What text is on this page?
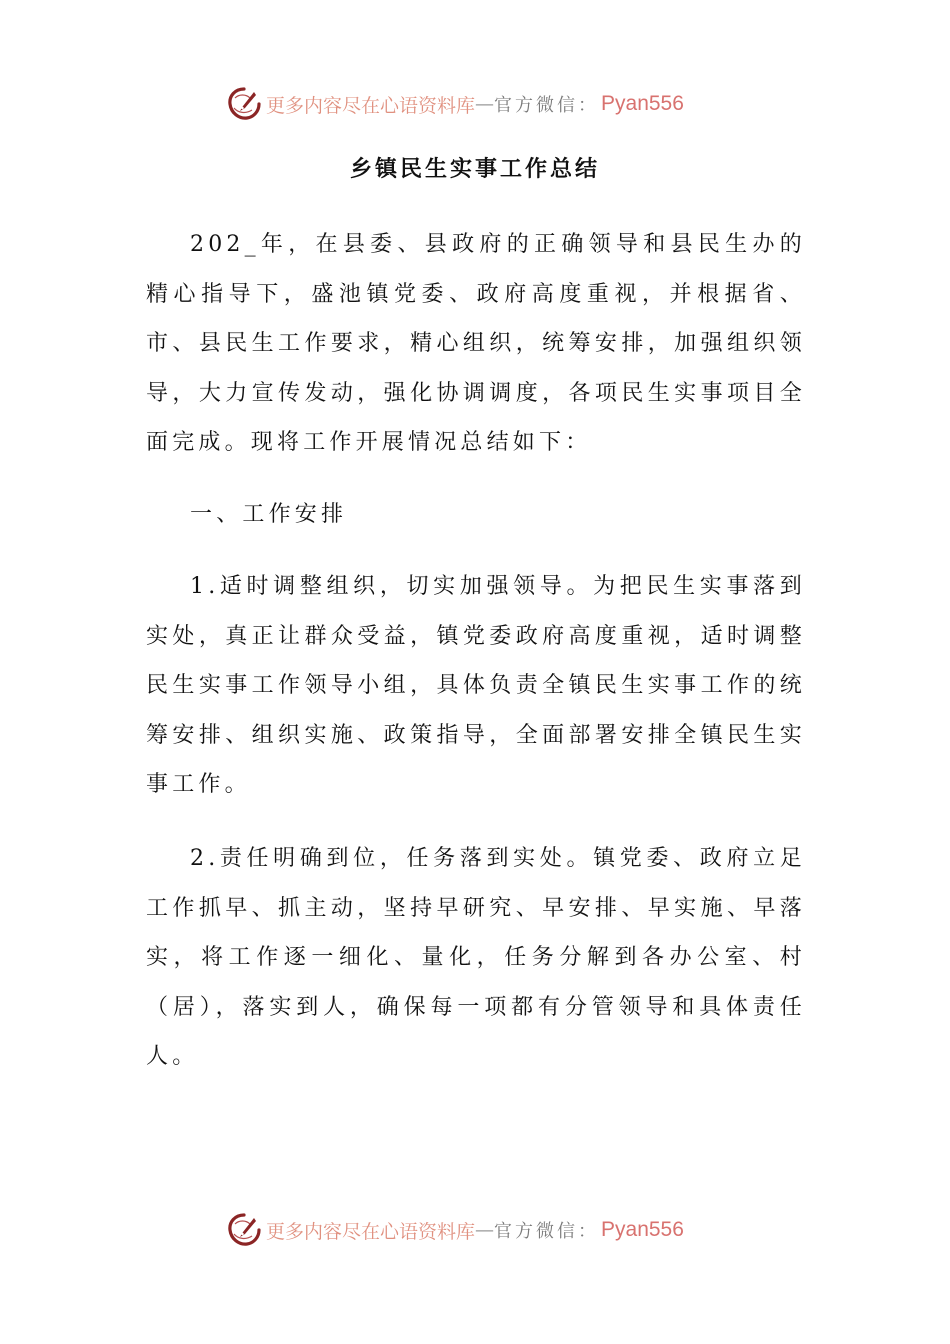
更多内容尽在心语资料库 — 官方微信： Pyan556
乡镇民生实事工作总结

202_年，在县委、县政府的正确领导和县民生办的精心指导下，盛池镇党委、政府高度重视，并根据省、市、县民生工作要求，精心组织，统筹安排，加强组织领导，大力宣传发动，强化协调调度，各项民生实事项目全面完成。现将工作开展情况总结如下：

一、工作安排

1.适时调整组织，切实加强领导。为把民生实事落到实处，真正让群众受益，镇党委政府高度重视，适时调整民生实事工作领导小组，具体负责全镇民生实事工作的统筹安排、组织实施、政策指导，全面部署安排全镇民生实事工作。

2.责任明确到位，任务落到实处。镇党委、政府立足工作抓早、抓主动，坚持早研究、早安排、早实施、早落实，将工作逐一细化、量化，任务分解到各办公室、村（居），落实到人，确保每一项都有分管领导和具体责任人。

更多内容尽在心语资料库 — 官方微信： Pyan556
